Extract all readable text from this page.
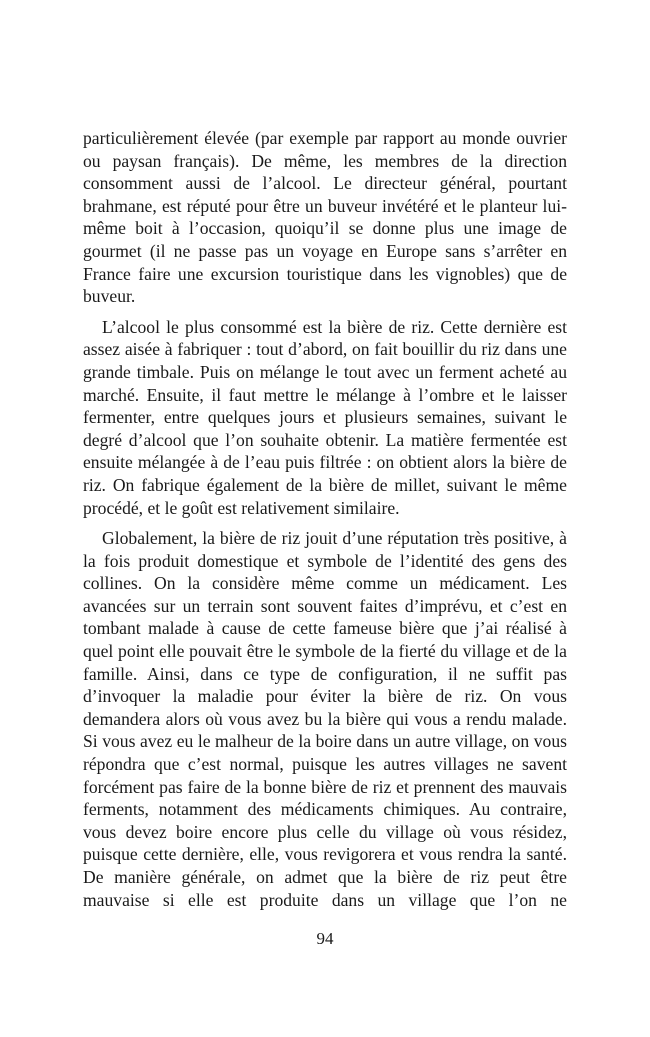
particulièrement élevée (par exemple par rapport au monde ouvrier ou paysan français). De même, les membres de la direction consomment aussi de l’alcool. Le directeur général, pourtant brahmane, est réputé pour être un buveur invétéré et le planteur lui-même boit à l’occasion, quoiqu’il se donne plus une image de gourmet (il ne passe pas un voyage en Europe sans s’arrêter en France faire une excursion touristique dans les vignobles) que de buveur.

L’alcool le plus consommé est la bière de riz. Cette dernière est assez aisée à fabriquer : tout d’abord, on fait bouillir du riz dans une grande timbale. Puis on mélange le tout avec un ferment acheté au marché. Ensuite, il faut mettre le mélange à l’ombre et le laisser fermenter, entre quelques jours et plusieurs semaines, suivant le degré d’alcool que l’on souhaite obtenir. La matière fermentée est ensuite mélangée à de l’eau puis filtrée : on obtient alors la bière de riz. On fabrique également de la bière de millet, suivant le même procédé, et le goût est relativement similaire.

Globalement, la bière de riz jouit d’une réputation très positive, à la fois produit domestique et symbole de l’identité des gens des collines. On la considère même comme un médicament. Les avancées sur un terrain sont souvent faites d’imprévu, et c’est en tombant malade à cause de cette fameuse bière que j’ai réalisé à quel point elle pouvait être le symbole de la fierté du village et de la famille. Ainsi, dans ce type de configuration, il ne suffit pas d’invoquer la maladie pour éviter la bière de riz. On vous demandera alors où vous avez bu la bière qui vous a rendu malade. Si vous avez eu le malheur de la boire dans un autre village, on vous répondra que c’est normal, puisque les autres villages ne savent forcément pas faire de la bonne bière de riz et prennent des mauvais ferments, notamment des médicaments chimiques. Au contraire, vous devez boire encore plus celle du village où vous résidez, puisque cette dernière, elle, vous revigorera et vous rendra la santé. De manière générale, on admet que la bière de riz peut être mauvaise si elle est produite dans un village que l’on ne

94
